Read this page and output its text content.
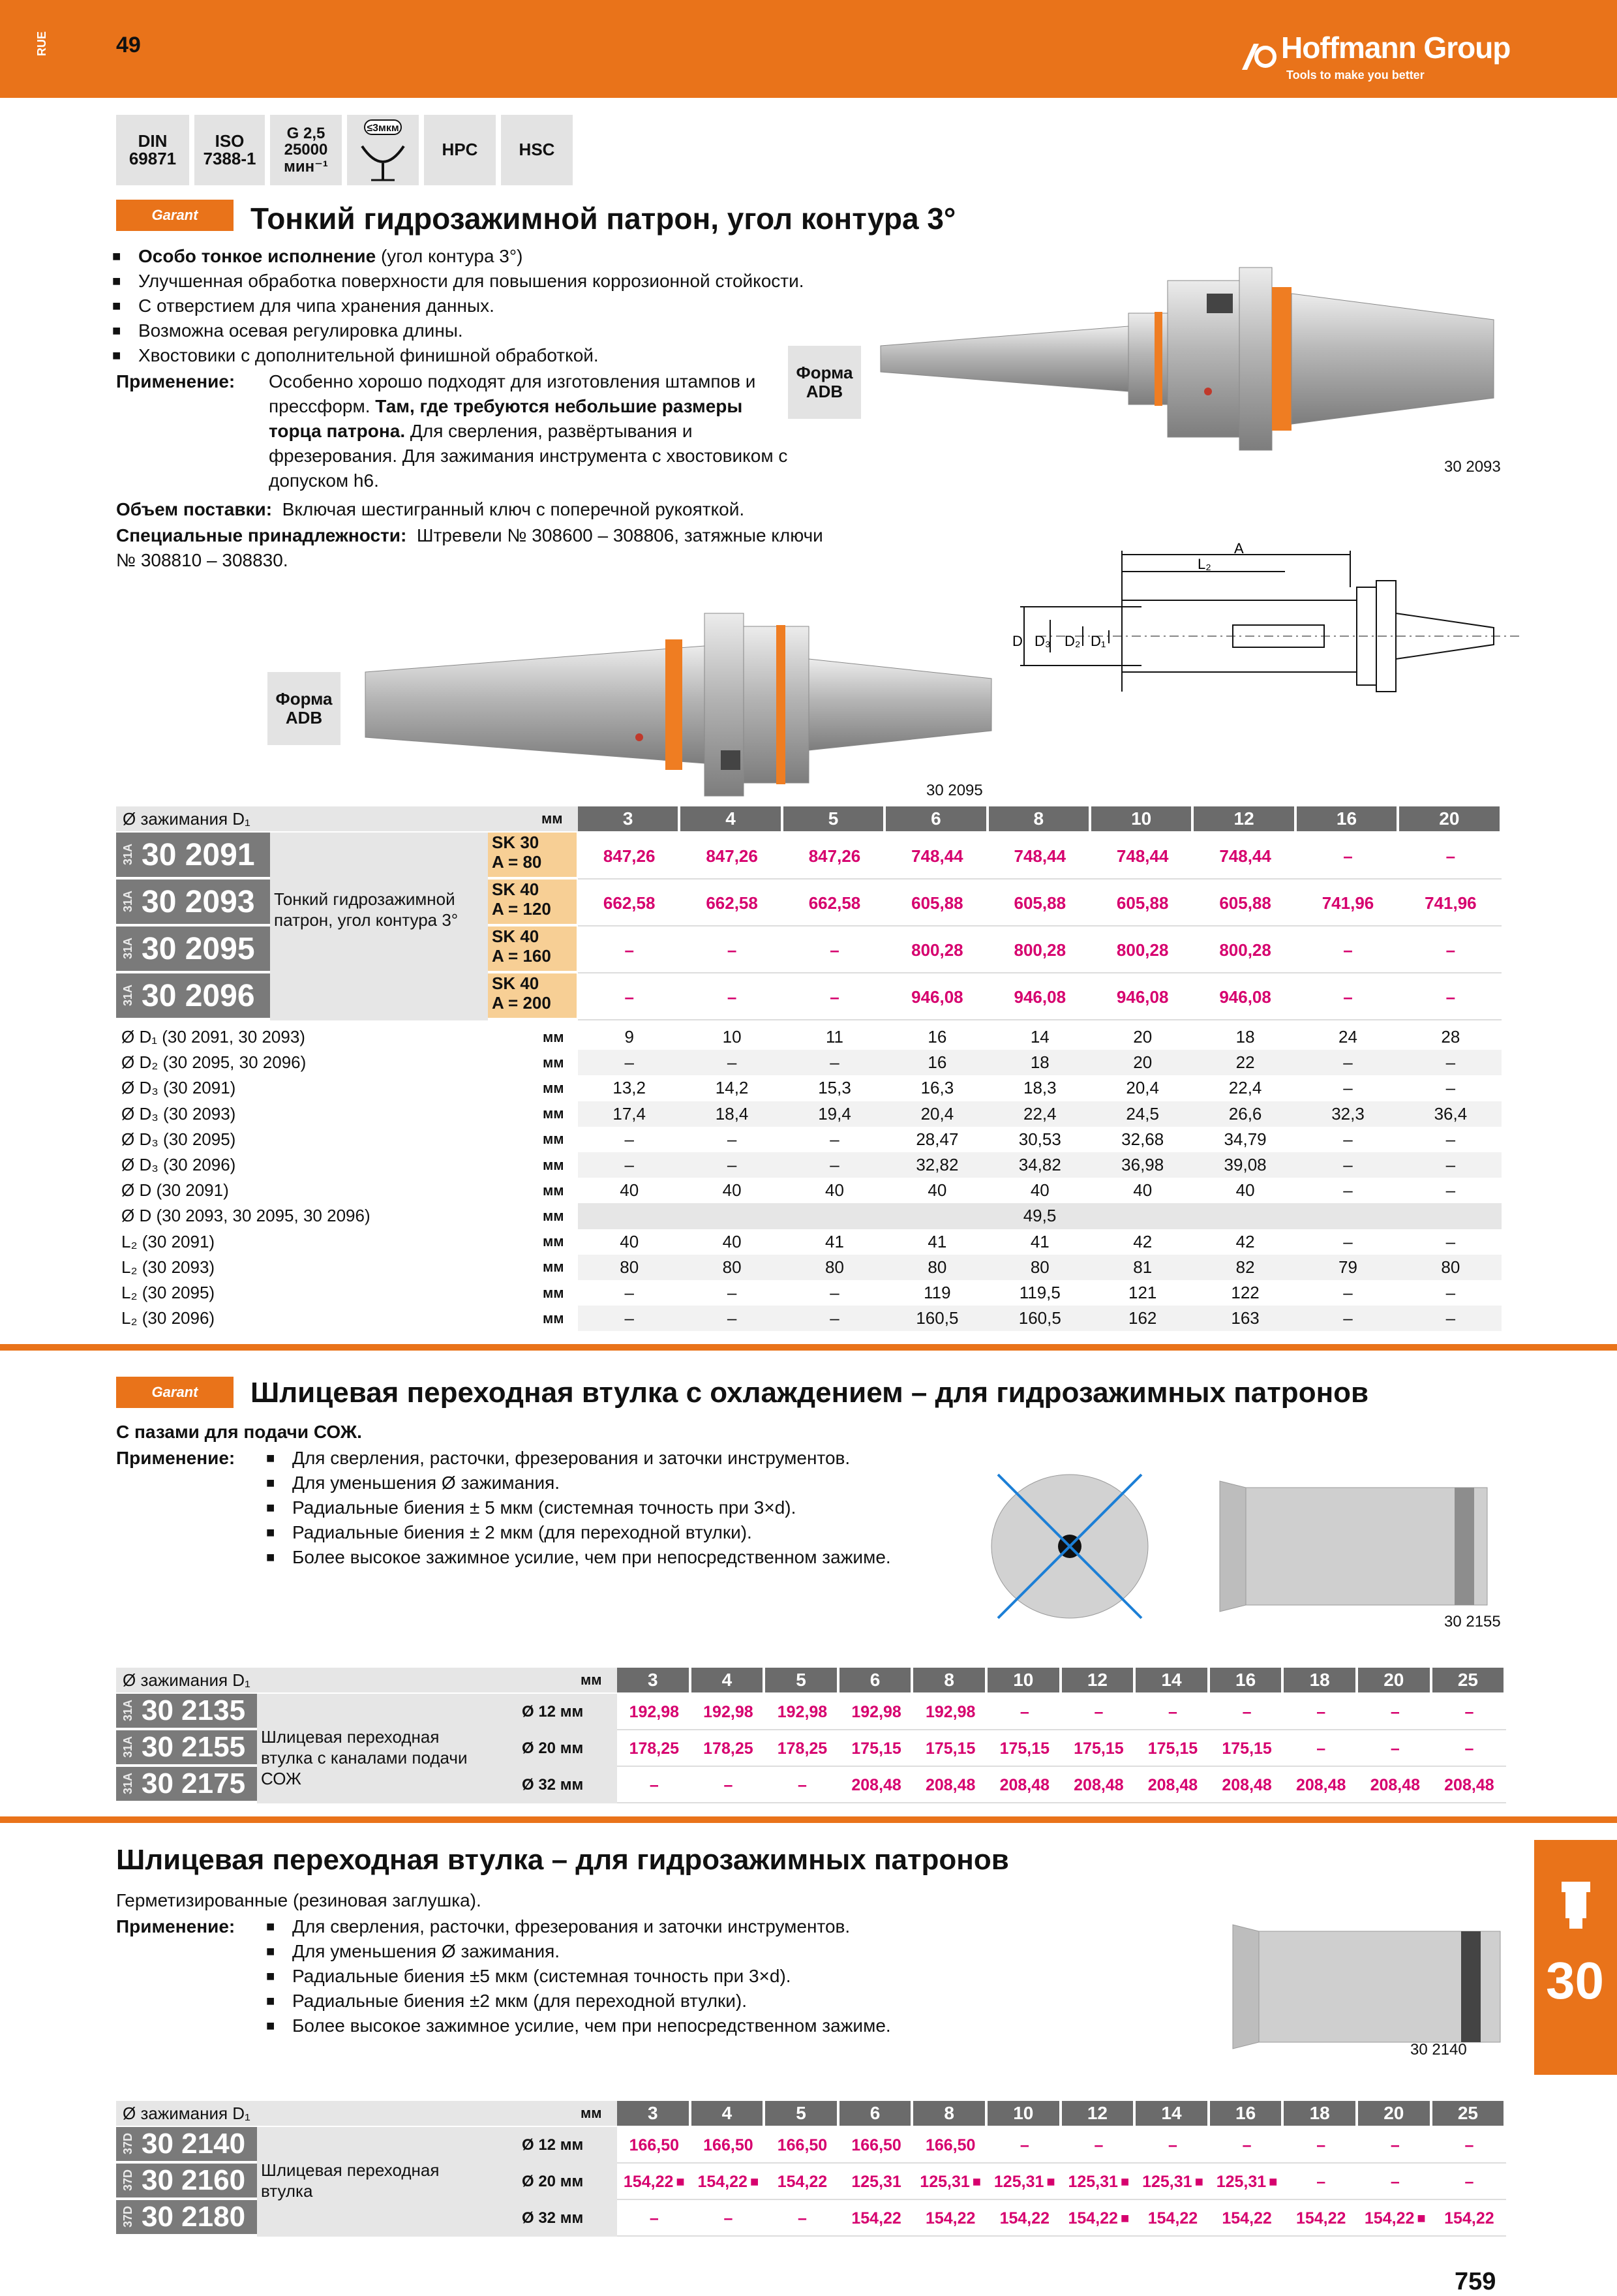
RUE	49	Hoffmann Group
Tools to make you better
DIN
69871
ISO
7388-1
G 2,5
25000
мин⁻¹
≤3мкм
HPC	HSC
Garant Тонкий гидрозажимной патрон, угол контура 3°
■ Особо тонкое исполнение (угол контура 3°)
■ Улучшенная обработка поверхности для повышения коррозионной стойкости.
■ С отверстием для чипа хранения данных.
■ Возможна осевая регулировка длины.
■ Хвостовики с дополнительной финишной обработкой.
Применение: Особенно хорошо подходят для изготовления штампов и
прессформ. Там, где требуются небольшие размеры
торца патрона. Для сверления, развёртывания и
фрезерования. Для зажимания инструмента с хвостовиком с
допуском h6.
Объем поставки: Включая шестигранный ключ с поперечной рукояткой.
Специальные принадлежности: Штревели № 308600 – 308806, затяжные ключи
№ 308810 – 308830.
Форма ADB
Форма ADB
30 2093
30 2095
A
L₂
D D₃ D₂ D₁
Ø зажимания D₁	мм	3	4	5	6	8	10	12	16	20
Тонкий гидрозажимной патрон, угол контура 3°
31A 30 2091	SK 30
A = 80	847,26	847,26	847,26	748,44	748,44	748,44	748,44	–	–
31A 30 2093	SK 40
A = 120	662,58	662,58	662,58	605,88	605,88	605,88	605,88	741,96	741,96
31A 30 2095	SK 40
A = 160	–	–	–	800,28	800,28	800,28	800,28	–	–
31A 30 2096	SK 40
A = 200	–	–	–	946,08	946,08	946,08	946,08	–	–
Ø D₁ (30 2091, 30 2093)	мм	9	10	11	16	14	20	18	24	28
Ø D₂ (30 2095, 30 2096)	мм	–	–	–	16	18	20	22	–	–
Ø D₃ (30 2091)	мм	13,2	14,2	15,3	16,3	18,3	20,4	22,4	–	–
Ø D₃ (30 2093)	мм	17,4	18,4	19,4	20,4	22,4	24,5	26,6	32,3	36,4
Ø D₃ (30 2095)	мм	–	–	–	28,47	30,53	32,68	34,79	–	–
Ø D₃ (30 2096)	мм	–	–	–	32,82	34,82	36,98	39,08	–	–
Ø D (30 2091)	мм	40	40	40	40	40	40	40	–	–
Ø D (30 2093, 30 2095, 30 2096)	мм	49,5
L₂ (30 2091)	мм	40	40	41	41	41	42	42	–	–
L₂ (30 2093)	мм	80	80	80	80	80	81	82	79	80
L₂ (30 2095)	мм	–	–	–	119	119,5	121	122	–	–
L₂ (30 2096)	мм	–	–	–	160,5	160,5	162	163	–	–
Garant Шлицевая переходная втулка с охлаждением – для гидрозажимных патронов
С пазами для подачи СОЖ.
Применение:	■ Для сверления, расточки, фрезерования и заточки инструментов.
■ Для уменьшения Ø зажимания.
■ Радиальные биения ± 5 мкм (системная точность при 3×d).
■ Радиальные биения ± 2 мкм (для переходной втулки).
■ Более высокое зажимное усилие, чем при непосредственном зажиме.
30 2155
Ø зажимания D₁	мм	3	4	5	6	8	10	12	14	16	18	20	25
Шлицевая переходная втулка с каналами подачи СОЖ
31A 30 2135	Ø 12 мм	192,98 192,98 192,98 192,98 192,98	–	–	–	–	–	–	–
31A 30 2155	Ø 20 мм	178,25 178,25 178,25 175,15 175,15 175,15 175,15 175,15 175,15	–	–	–
31A 30 2175	Ø 32 мм	–	–	–	208,48 208,48 208,48 208,48 208,48 208,48 208,48 208,48 208,48
Шлицевая переходная втулка – для гидрозажимных патронов
Герметизированные (резиновая заглушка).
Применение:	■ Для сверления, расточки, фрезерования и заточки инструментов.
■ Для уменьшения Ø зажимания.
■ Радиальные биения ±5 мкм (системная точность при 3×d).
■ Радиальные биения ±2 мкм (для переходной втулки).
■ Более высокое зажимное усилие, чем при непосредственном зажиме.
30 2140
Ø зажимания D₁	мм	3	4	5	6	8	10	12	14	16	18	20	25
Шлицевая переходная втулка
37D 30 2140	Ø 12 мм	166,50 166,50 166,50 166,50 166,50	–	–	–	–	–	–	–
37D 30 2160	Ø 20 мм 154,22 ■ 154,22 ■ 154,22 125,31 125,31 ■ 125,31 ■ 125,31 ■ 125,31 ■ 125,31 ■ –	–	–
37D 30 2180	Ø 32 мм	–	–	–	154,22 154,22 154,22 154,22 ■ 154,22 154,22 154,22 154,22 ■ 154,22
30
759
